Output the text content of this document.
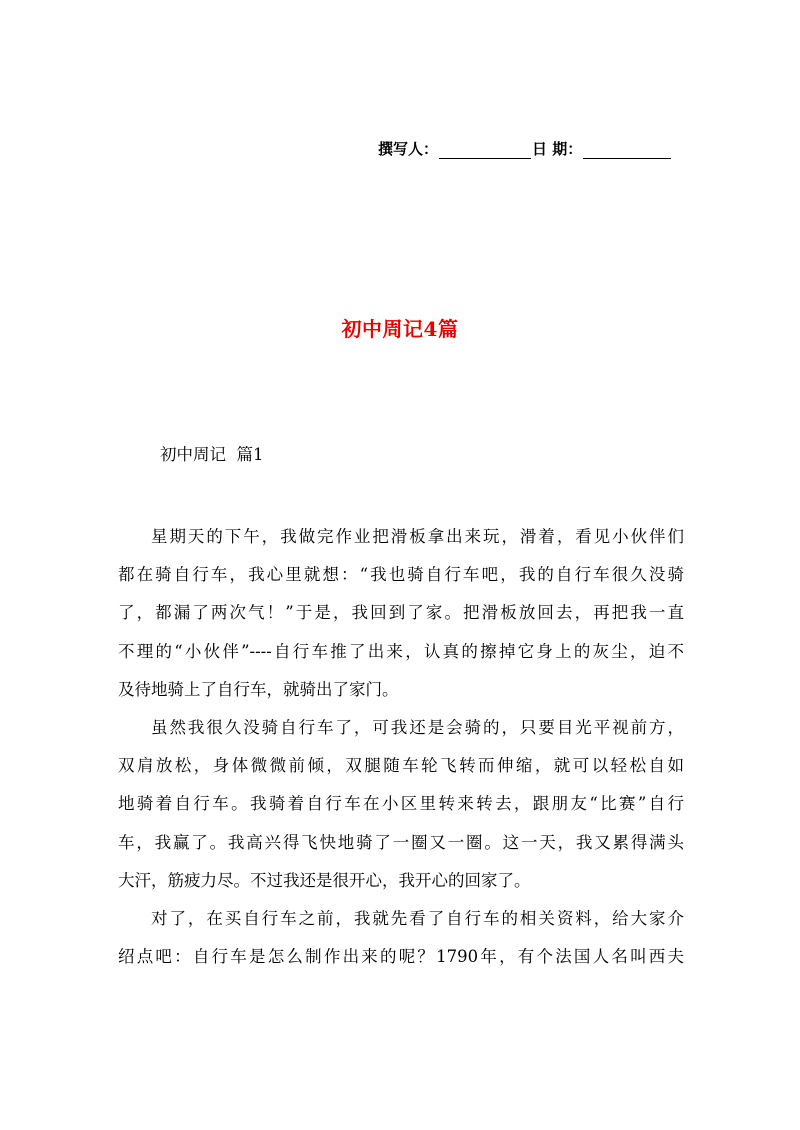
撰写人：	日 期：
初中周记4篇
初中周记  篇1
星期天的下午，我做完作业把滑板拿出来玩，滑着，看见小伙伴们
都在骑自行车，我心里就想：“我也骑自行车吧，我的自行车很久没骑
了，都漏了两次气！”于是，我回到了家。把滑板放回去，再把我一直
不理的“小伙伴”----自行车推了出来，认真的擦掉它身上的灰尘，迫不
及待地骑上了自行车，就骑出了家门。
虽然我很久没骑自行车了，可我还是会骑的，只要目光平视前方，
双肩放松，身体微微前倾，双腿随车轮飞转而伸缩，就可以轻松自如
地骑着自行车。我骑着自行车在小区里转来转去，跟朋友“比赛”自行
车，我赢了。我高兴得飞快地骑了一圈又一圈。这一天，我又累得满头
大汗，筋疲力尽。不过我还是很开心，我开心的回家了。
对了，在买自行车之前，我就先看了自行车的相关资料，给大家介
绍点吧：自行车是怎么制作出来的呢？1790年，有个法国人名叫西夫
